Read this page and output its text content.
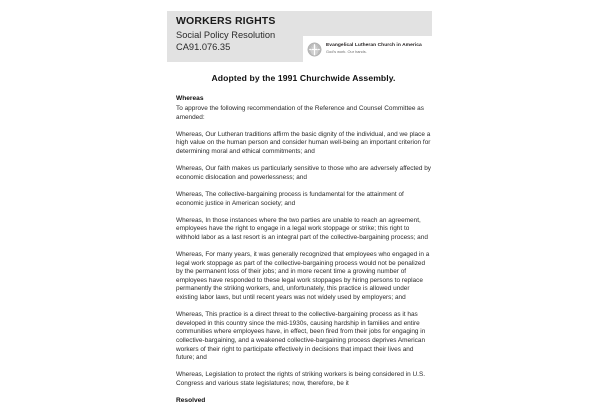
WORKERS RIGHTS
Social Policy Resolution
CA91.076.35	Evangelical Lutheran Church in America
God's work. Our hands.
Adopted by the 1991 Churchwide Assembly.
Whereas

To approve the following recommendation of the Reference and Counsel Committee as amended:

Whereas, Our Lutheran traditions affirm the basic dignity of the individual, and we place a high value on the human person and consider human well-being an important criterion for determining moral and ethical commitments; and

Whereas, Our faith makes us particularly sensitive to those who are adversely affected by economic dislocation and powerlessness; and

Whereas, The collective-bargaining process is fundamental for the attainment of economic justice in American society; and

Whereas, In those instances where the two parties are unable to reach an agreement, employees have the right to engage in a legal work stoppage or strike; this right to withhold labor as a last resort is an integral part of the collective-bargaining process; and

Whereas, For many years, it was generally recognized that employees who engaged in a legal work stoppage as part of the collective-bargaining process would not be penalized by the permanent loss of their jobs; and in more recent time a growing number of employees have responded to these legal work stoppages by hiring persons to replace permanently the striking workers, and, unfortunately, this practice is allowed under existing labor laws, but until recent years was not widely used by employers; and

Whereas, This practice is a direct threat to the collective-bargaining process as it has developed in this country since the mid-1930s, causing hardship in families and entire communities where employees have, in effect, been fired from their jobs for engaging in collective-bargaining, and a weakened collective-bargaining process deprives American workers of their right to participate effectively in decisions that impact their lives and future; and

Whereas, Legislation to protect the rights of striking workers is being considered in U.S. Congress and various state legislatures; now, therefore, be it

Resolved
